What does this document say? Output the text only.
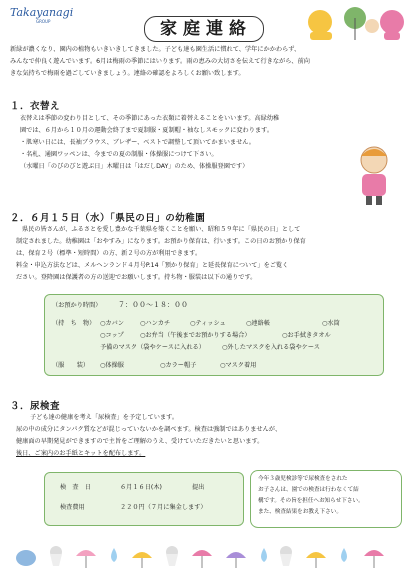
Takayanagi
GROUP	家庭連絡
新緑が濃くなり、園内の植物もいきいきしてきました。子ども達も園生活に慣れて、学年にかかわらず、
みんなで仲良く遊んでいます。6月は梅雨の季節にはいります。雨の恵みの大切さを伝えて行きながら、前向
きな気持ちで梅雨を過ごしていきましょう。連絡の確認をよろしくお願い致します。
１．衣替え
衣替えは季節の変わり目として、その季節にあった衣類に着替えることをいいます。高緑幼稚
園では、６月から１０月の運動会終了まで夏制服・夏制帽・袖なしスモックに変わります。
・肌寒い日には、長袖ブラウス、ブレザー、ベストで調整して頂いてかまいません。
・名札、通園ワッペンは、今までの夏の制服・体操服につけて下さい。
（水曜日「のびのびと遊ぶ日」木曜日は「はだしDAY」のため、体操服登園です）
２．６月１５日（水）「県民の日」の幼稚園
県民の皆さんが、ふるさとを愛し豊かな千葉県を築くことを願い、昭和５９年に「県民の日」として
制定されました。幼稚園は「おやすみ」になります。お預かり保育は、行います。この日のお預かり保育
は、保育２号（標準・短時間）の方、新２号の方が利用できます。
料金・申込方法などは、メルヘンランド４月号P.14「預かり保育」と延長保育について」をご覧く
ださい。登降園は保護者の方の送迎でお願いします。持ち物・服装は以下の通りです。
（お預かり時間） ７：００～１８：００
（持　ち　物） ○カバン	○ハンカチ	○ティッシュ	○連絡帳	○水筒
○コップ	○お弁当（午後までお預かりする場合）	○お手拭きタオル
予備のマスク（袋やケースに入れる）	○外したマスクを入れる袋やケース
（服　　装） ○体操服	○カラー帽子	○マスク着用
３．尿検査
子ども達の健康を考え「尿検査」を予定しています。
尿の中の成分にタンパク質などが混じっていないかを調べます。検査は強制ではありませんが、
健康面の早期発見ができますので主旨をご理解のうえ、受けていただきたいと思います。
後日、ご案内のお手紙とキットを配布します。
検　査　日	６月１６日(木)	提出
検査費用	２２０円（７月に集金します）
今年３歳児検診等で尿検査をされた
お子さんは、園での検査は行わなくて結
構です。その旨を担任へお知らせ下さい。
また、検査結果をお教え下さい。
